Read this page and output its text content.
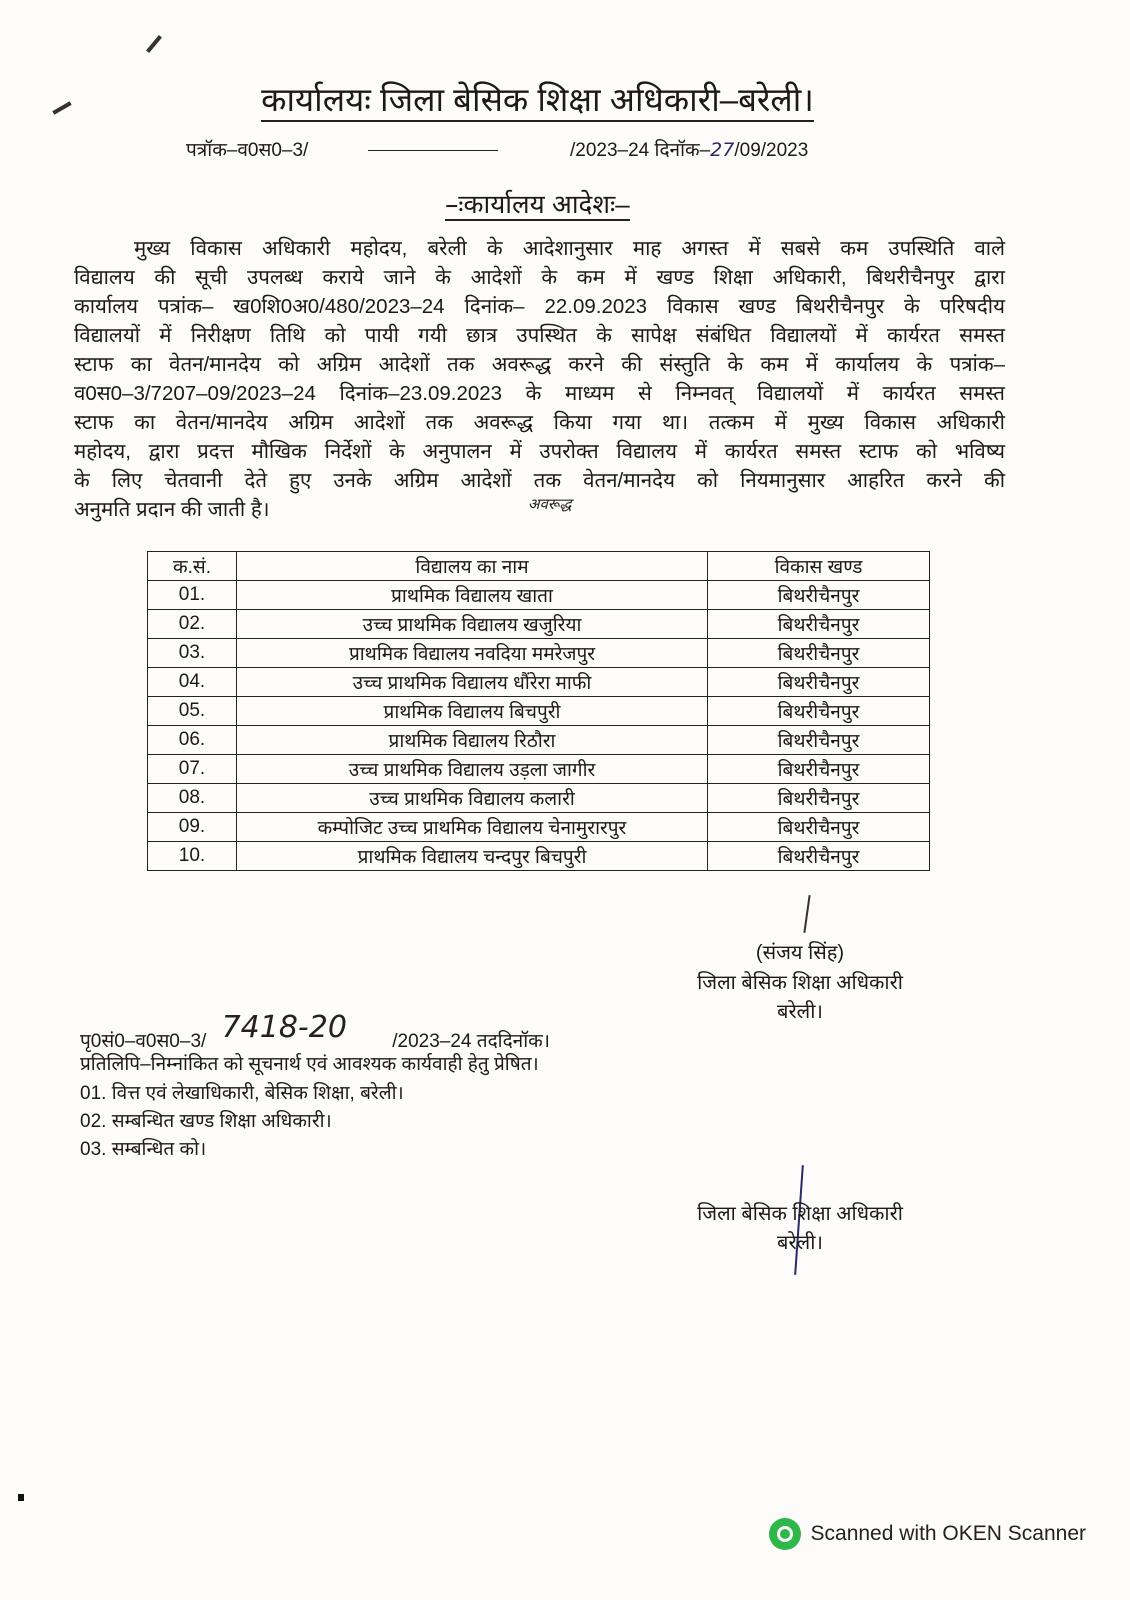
कार्यालयः जिला बेसिक शिक्षा अधिकारी–बरेली।
पत्रॉक–व0स0–3/	/2023–24 दिनॉक–27/09/2023
–ःकार्यालय आदेशः–
मुख्य विकास अधिकारी महोदय, बरेली के आदेशानुसार माह अगस्त में सबसे कम उपस्थिति वाले
विद्यालय की सूची उपलब्ध कराये जाने के आदेशों के कम में खण्ड शिक्षा अधिकारी, बिथरीचैनपुर द्वारा
कार्यालय पत्रांक– ख0शि0अ0/480/2023–24 दिनांक– 22.09.2023 विकास खण्ड बिथरीचैनपुर के परिषदीय
विद्यालयों में निरीक्षण तिथि को पायी गयी छात्र उपस्थित के सापेक्ष संबंधित विद्यालयों में कार्यरत समस्त
स्टाफ का वेतन/मानदेय को अग्रिम आदेशों तक अवरूद्ध करने की संस्तुति के कम में कार्यालय के पत्रांक–
व0स0–3/7207–09/2023–24 दिनांक–23.09.2023 के माध्यम से निम्नवत् विद्यालयों में कार्यरत समस्त
स्टाफ का वेतन/मानदेय अग्रिम आदेशों तक अवरूद्ध किया गया था। तत्कम में मुख्य विकास अधिकारी
महोदय, द्वारा प्रदत्त मौखिक निर्देशों के अनुपालन में उपरोक्त विद्यालय में कार्यरत समस्त स्टाफ को भविष्य
के लिए चेतवानी देते हुए उनके अग्रिम आदेशों तक वेतन/मानदेय को नियमानुसार आहरित करने की
अनुमति प्रदान की जाती है।	अवरूद्ध
क.सं.	विद्यालय का नाम	विकास खण्ड
01.	प्राथमिक विद्यालय खाता	बिथरीचैनपुर
02.	उच्च प्राथमिक विद्यालय खजुरिया	बिथरीचैनपुर
03.	प्राथमिक विद्यालय नवदिया ममरेजपुर	बिथरीचैनपुर
04.	उच्च प्राथमिक विद्यालय धौंरेरा माफी	बिथरीचैनपुर
05.	प्राथमिक विद्यालय बिचपुरी	बिथरीचैनपुर
06.	प्राथमिक विद्यालय रिठौरा	बिथरीचैनपुर
07.	उच्च प्राथमिक विद्यालय उड़ला जागीर	बिथरीचैनपुर
08.	उच्च प्राथमिक विद्यालय कलारी	बिथरीचैनपुर
09.	कम्पोजिट उच्च प्राथमिक विद्यालय चेनामुरारपुर	बिथरीचैनपुर
10.	प्राथमिक विद्यालय चन्दपुर बिचपुरी	बिथरीचैनपुर
(संजय सिंह)
जिला बेसिक शिक्षा अधिकारी
बरेली।
पृ0सं0–व0स0–3/ 7418-20 /2023–24 तददिनॉक।
प्रतिलिपि–निम्नांकित को सूचनार्थ एवं आवश्यक कार्यवाही हेतु प्रेषित।
01. वित्त एवं लेखाधिकारी, बेसिक शिक्षा, बरेली।
02. सम्बन्धित खण्ड शिक्षा अधिकारी।
03. सम्बन्धित को।
जिला बेसिक शिक्षा अधिकारी
बरेली।
Scanned with OKEN Scanner
